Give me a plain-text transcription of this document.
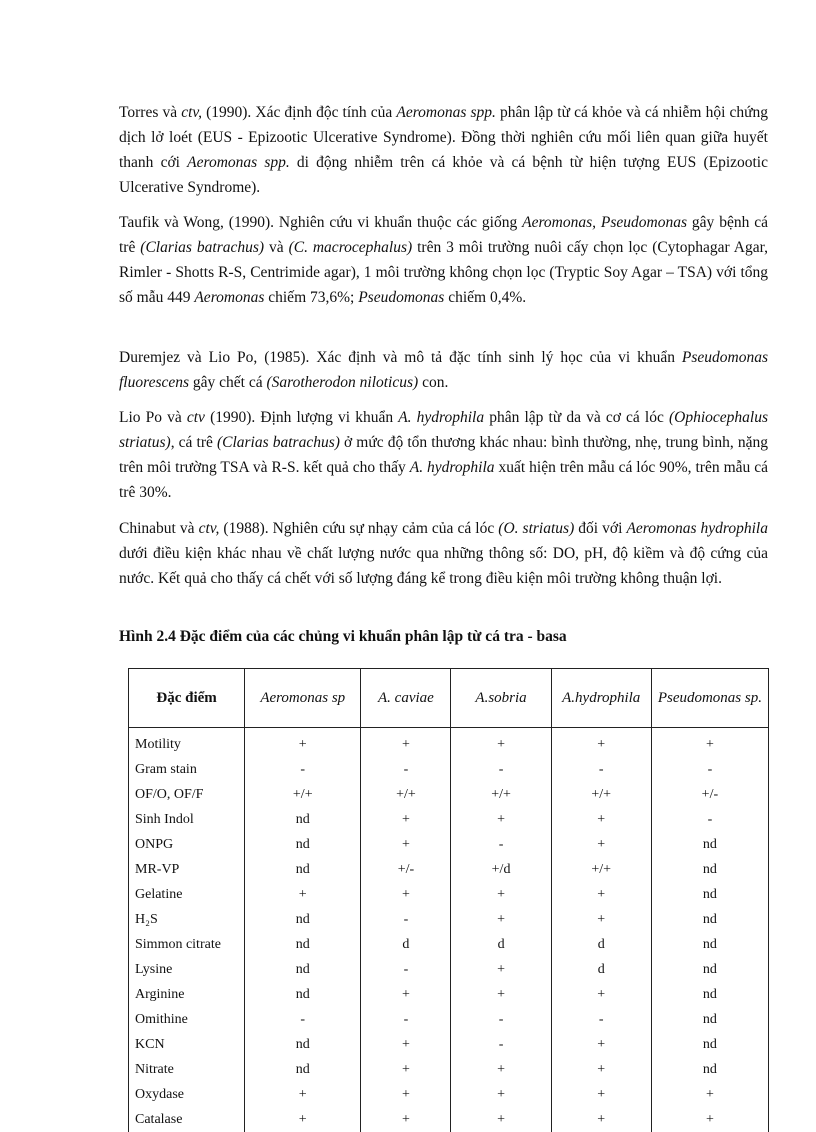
Torres và ctv, (1990). Xác định độc tính của Aeromonas spp. phân lập từ cá khỏe và cá nhiễm hội chứng dịch lở loét (EUS - Epizootic Ulcerative Syndrome). Đồng thời nghiên cứu mối liên quan giữa huyết thanh cới Aeromonas spp. di động nhiễm trên cá khỏe và cá bệnh từ hiện tượng EUS (Epizootic Ulcerative Syndrome).

Taufik và Wong, (1990). Nghiên cứu vi khuẩn thuộc các giống Aeromonas, Pseudomonas gây bệnh cá trê (Clarias batrachus) và (C. macrocephalus) trên 3 môi trường nuôi cấy chọn lọc (Cytophagar Agar, Rimler - Shotts R-S, Centrimide agar), 1 môi trường không chọn lọc (Tryptic Soy Agar – TSA) với tổng số mẫu 449 Aeromonas chiếm 73,6%; Pseudomonas chiếm 0,4%.

Duremjez và Lio Po, (1985). Xác định và mô tả đặc tính sinh lý học của vi khuẩn Pseudomonas fluorescens gây chết cá (Sarotherodon niloticus) con.

Lio Po và ctv (1990). Định lượng vi khuẩn A. hydrophila phân lập từ da và cơ cá lóc (Ophiocephalus striatus), cá trê (Clarias batrachus) ở mức độ tổn thương khác nhau: bình thường, nhẹ, trung bình, nặng trên môi trường TSA và R-S. kết quả cho thấy A. hydrophila xuất hiện trên mẫu cá lóc 90%, trên mẫu cá trê 30%.

Chinabut và ctv, (1988). Nghiên cứu sự nhạy cảm của cá lóc (O. striatus) đối với Aeromonas hydrophila dưới điều kiện khác nhau về chất lượng nước qua những thông số: DO, pH, độ kiềm và độ cứng của nước. Kết quả cho thấy cá chết với số lượng đáng kể trong điều kiện môi trường không thuận lợi.

Hình 2.4 Đặc điểm của các chủng vi khuẩn phân lập từ cá tra - basa

Đặc điểm	Aeromonas sp	A. caviae	A.sobria	A.hydrophila	Pseudomonas sp.
Motility	+	+	+	+	+
Gram stain	-	-	-	-	-
OF/O, OF/F	+/+	+/+	+/+	+/+	+/-
Sinh Indol	nd	+	+	+	-
ONPG	nd	+	-	+	nd
MR-VP	nd	+/-	+/d	+/+	nd
Gelatine	+	+	+	+	nd
H₂S	nd	-	+	+	nd
Simmon citrate	nd	d	d	d	nd
Lysine	nd	-	+	d	nd
Arginine	nd	+	+	+	nd
Omithine	-	-	-	-	nd
KCN	nd	+	-	+	nd
Nitrate	nd	+	+	+	nd
Oxydase	+	+	+	+	+
Catalase	+	+	+	+	+
